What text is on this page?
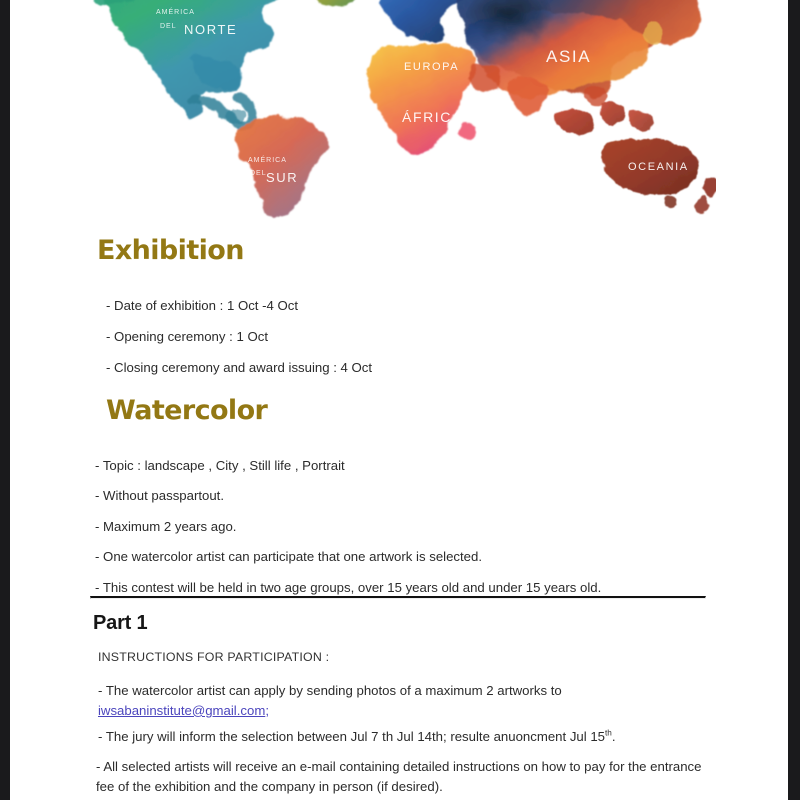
AMÉRICA
DEL NORTE
AMÉRICA
DEL SUR
EUROPA
ÁFRICA
ASIA
OCEANIA
Exhibition

- Date of exhibition : 1 Oct -4 Oct

- Opening ceremony : 1 Oct

- Closing ceremony and award issuing : 4 Oct

Watercolor

- Topic : landscape , City , Still life , Portrait

- Without passpartout.

- Maximum 2 years ago.

- One watercolor artist can participate that one artwork is selected.

- This contest will be held in two age groups, over 15 years old and under 15 years old.

Part 1

INSTRUCTIONS FOR PARTICIPATION :

- The watercolor artist can apply by sending photos of a maximum 2 artworks to
iwsabaninstitute@gmail.com;

- The jury will inform the selection between Jul 7 th Jul 14th; resulte anuoncment Jul 15th.

- All selected artists will receive an e-mail containing detailed instructions on how to pay for the entrance fee of the exhibition and the company in person (if desired).
